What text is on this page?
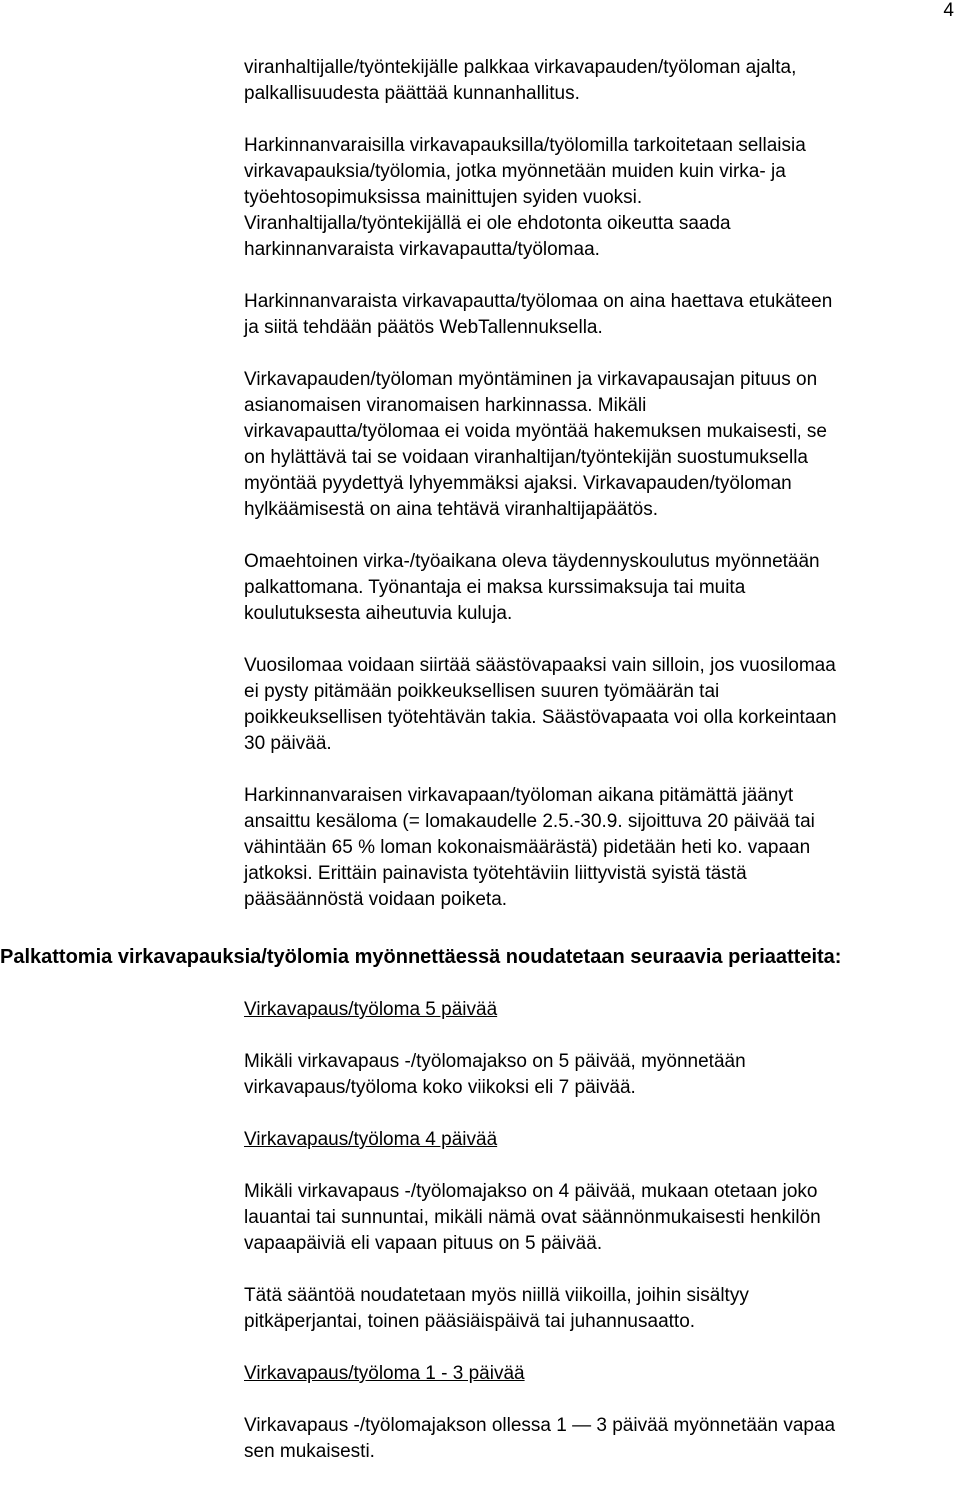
4

viranhaltijalle/työntekijälle palkkaa virkavapauden/työloman ajalta,
palkallisuudesta päättää kunnanhallitus.

Harkinnanvaraisilla virkavapauksilla/työlomilla tarkoitetaan sellaisia
virkavapauksia/työlomia, jotka myönnetään muiden kuin virka- ja
työehtosopimuksissa mainittujen syiden vuoksi.
Viranhaltijalla/työntekijällä ei ole ehdotonta oikeutta saada
harkinnanvaraista virkavapautta/työlomaa.

Harkinnanvaraista virkavapautta/työlomaa on aina haettava etukäteen
ja siitä tehdään päätös WebTallennuksella.

Virkavapauden/työloman myöntäminen ja virkavapausajan pituus on
asianomaisen viranomaisen harkinnassa. Mikäli
virkavapautta/työlomaa ei voida myöntää hakemuksen mukaisesti, se
on hylättävä tai se voidaan viranhaltijan/työntekijän suostumuksella
myöntää pyydettyä lyhyemmäksi ajaksi. Virkavapauden/työloman
hylkäämisestä on aina tehtävä viranhaltijapäätös.

Omaehtoinen virka-/työaikana oleva täydennyskoulutus myönnetään
palkattomana. Työnantaja ei maksa kurssimaksuja tai muita
koulutuksesta aiheutuvia kuluja.

Vuosilomaa voidaan siirtää säästövapaaksi vain silloin, jos vuosilomaa
ei pysty pitämään poikkeuksellisen suuren työmäärän tai
poikkeuksellisen työtehtävän takia. Säästövapaata voi olla korkeintaan
30 päivää.

Harkinnanvaraisen virkavapaan/työloman aikana pitämättä jäänyt
ansaittu kesäloma (= lomakaudelle 2.5.-30.9. sijoittuva 20 päivää tai
vähintään 65 % loman kokonaismäärästä) pidetään heti ko. vapaan
jatkoksi. Erittäin painavista työtehtäviin liittyvistä syistä tästä
pääsäännöstä voidaan poiketa.

Palkattomia virkavapauksia/työlomia myönnettäessä noudatetaan seuraavia periaatteita:

Virkavapaus/työloma 5 päivää

Mikäli virkavapaus -/työlomajakso on 5 päivää, myönnetään
virkavapaus/työloma koko viikoksi eli 7 päivää.

Virkavapaus/työloma 4 päivää

Mikäli virkavapaus -/työlomajakso on 4 päivää, mukaan otetaan joko
lauantai tai sunnuntai, mikäli nämä ovat säännönmukaisesti henkilön
vapaapäiviä eli vapaan pituus on 5 päivää.

Tätä sääntöä noudatetaan myös niillä viikoilla, joihin sisältyy
pitkäperjantai, toinen pääsiäispäivä tai juhannusaatto.

Virkavapaus/työloma 1 - 3 päivää

Virkavapaus -/työlomajakson ollessa 1 — 3 päivää myönnetään vapaa
sen mukaisesti.
